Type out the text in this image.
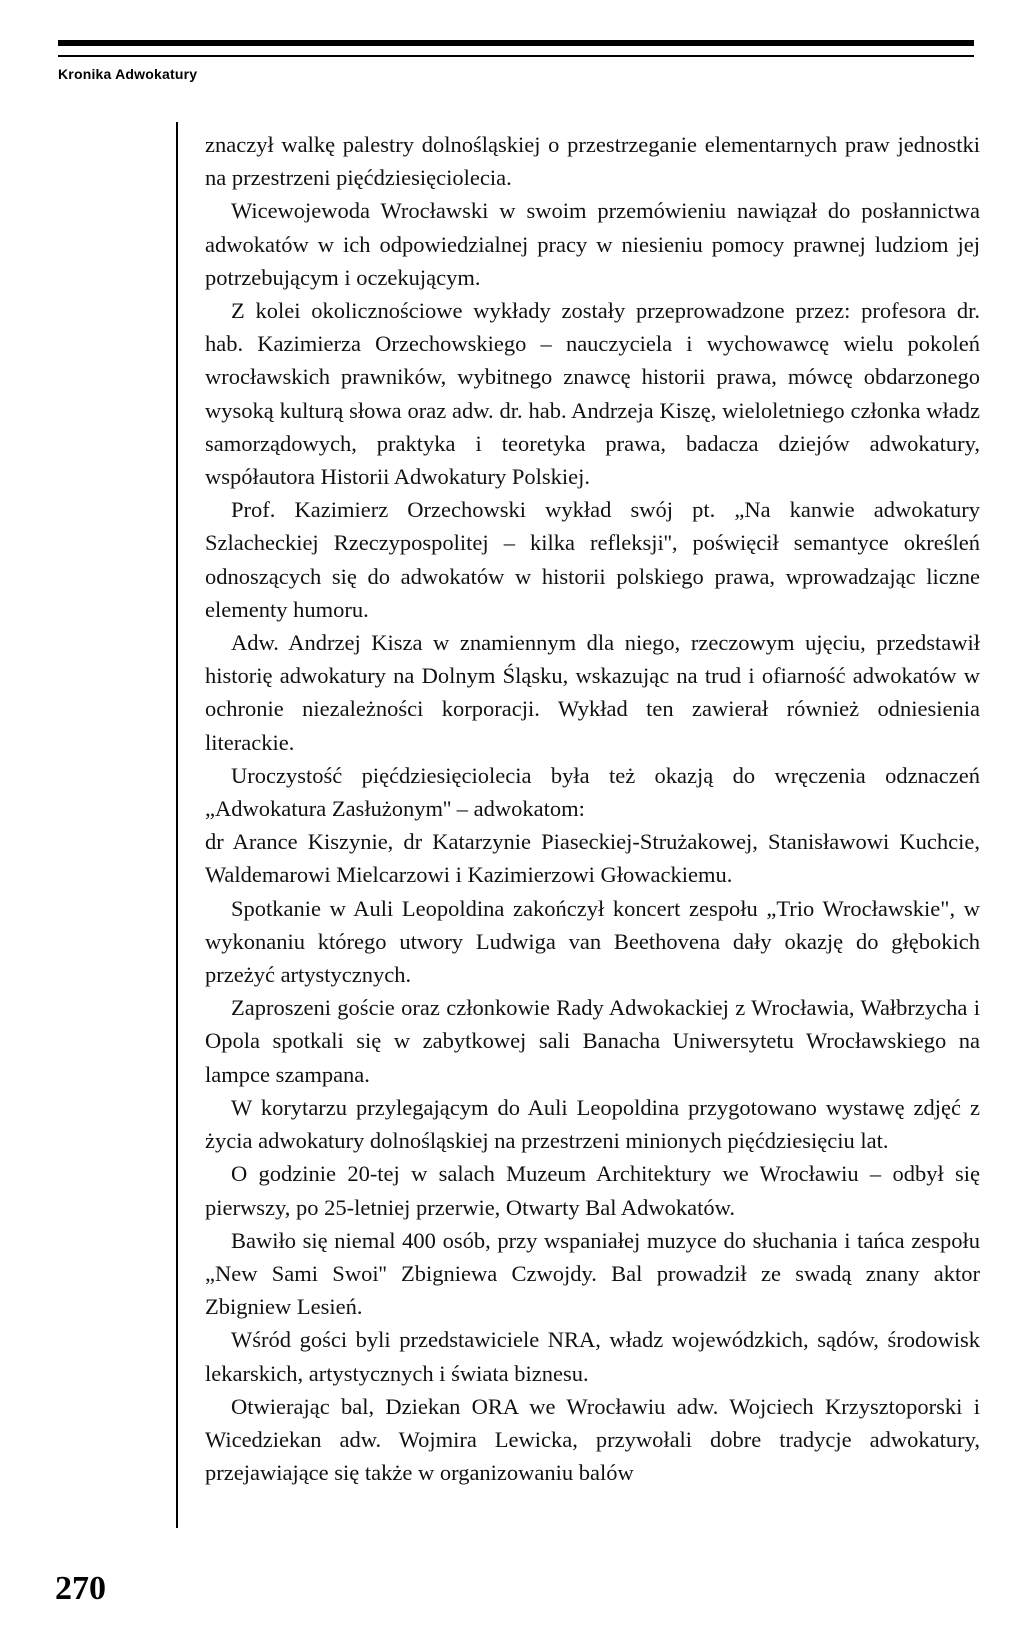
Kronika Adwokatury

znaczył walkę palestry dolnośląskiej o przestrzeganie elementarnych praw jednostki na przestrzeni pięćdziesięciolecia.

Wicewojewoda Wrocławski w swoim przemówieniu nawiązał do posłannictwa adwokatów w ich odpowiedzialnej pracy w niesieniu pomocy prawnej ludziom jej potrzebującym i oczekującym.

Z kolei okolicznościowe wykłady zostały przeprowadzone przez: profesora dr. hab. Kazimierza Orzechowskiego – nauczyciela i wychowawcę wielu pokoleń wrocławskich prawników, wybitnego znawcę historii prawa, mówcę obdarzonego wysoką kulturą słowa oraz adw. dr. hab. Andrzeja Kiszę, wieloletniego członka władz samorządowych, praktyka i teoretyka prawa, badacza dziejów adwokatury, współautora Historii Adwokatury Polskiej.

Prof. Kazimierz Orzechowski wykład swój pt. „Na kanwie adwokatury Szlacheckiej Rzeczypospolitej – kilka refleksji'', poświęcił semantyce określeń odnoszących się do adwokatów w historii polskiego prawa, wprowadzając liczne elementy humoru.

Adw. Andrzej Kisza w znamiennym dla niego, rzeczowym ujęciu, przedstawił historię adwokatury na Dolnym Śląsku, wskazując na trud i ofiarność adwokatów w ochronie niezależności korporacji. Wykład ten zawierał również odniesienia literackie.

Uroczystość pięćdziesięciolecia była też okazją do wręczenia odznaczeń „Adwokatura Zasłużonym'' – adwokatom:

dr Arance Kiszynie, dr Katarzynie Piaseckiej-Strużakowej, Stanisławowi Kuchcie, Waldemarowi Mielcarzowi i Kazimierzowi Głowackiemu.

Spotkanie w Auli Leopoldina zakończył koncert zespołu „Trio Wrocławskie", w wykonaniu którego utwory Ludwiga van Beethovena dały okazję do głębokich przeżyć artystycznych.

Zaproszeni goście oraz członkowie Rady Adwokackiej z Wrocławia, Wałbrzycha i Opola spotkali się w zabytkowej sali Banacha Uniwersytetu Wrocławskiego na lampce szampana.

W korytarzu przylegającym do Auli Leopoldina przygotowano wystawę zdjęć z życia adwokatury dolnośląskiej na przestrzeni minionych pięćdziesięciu lat.

O godzinie 20-tej w salach Muzeum Architektury we Wrocławiu – odbył się pierwszy, po 25-letniej przerwie, Otwarty Bal Adwokatów.

Bawiło się niemal 400 osób, przy wspaniałej muzyce do słuchania i tańca zespołu „New Sami Swoi'' Zbigniewa Czwojdy. Bal prowadził ze swadą znany aktor Zbigniew Lesień.

Wśród gości byli przedstawiciele NRA, władz wojewódzkich, sądów, środowisk lekarskich, artystycznych i świata biznesu.

Otwierając bal, Dziekan ORA we Wrocławiu adw. Wojciech Krzysztoporski i Wicedziekan adw. Wojmira Lewicka, przywołali dobre tradycje adwokatury, przejawiające się także w organizowaniu balów

270
